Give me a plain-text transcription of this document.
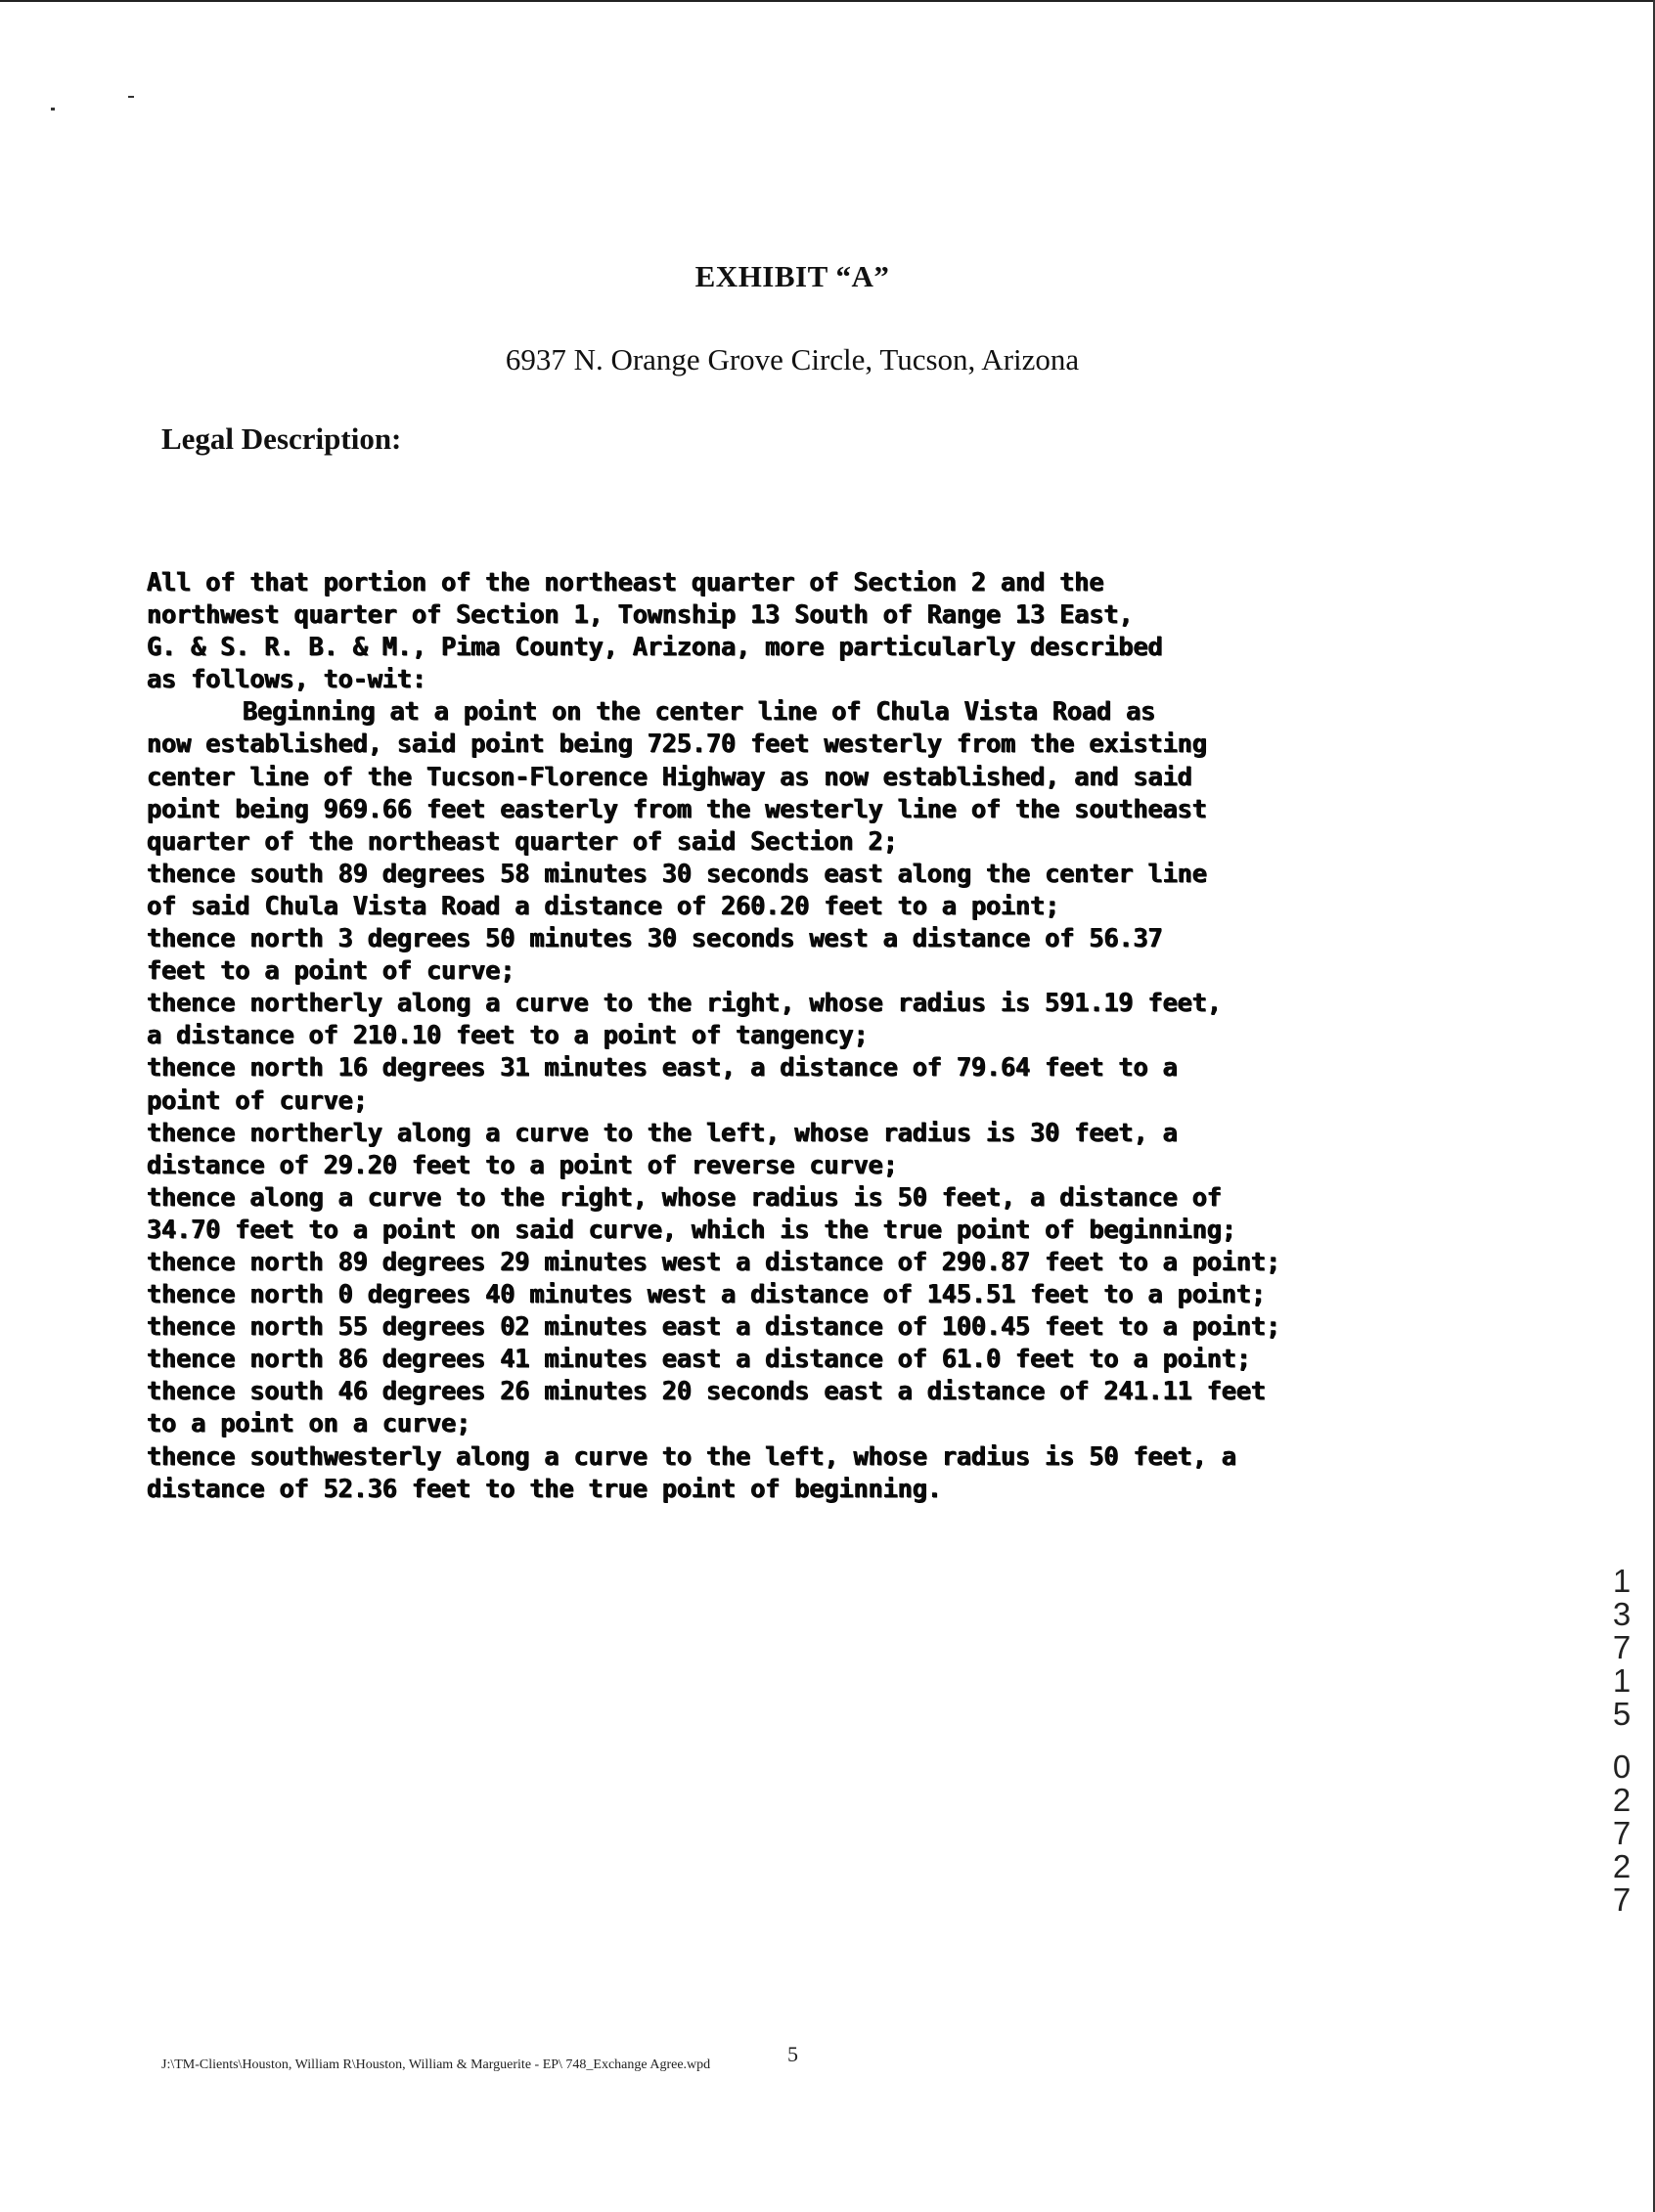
EXHIBIT “A”
6937 N. Orange Grove Circle, Tucson, Arizona
Legal Description:
All of that portion of the northeast quarter of Section 2 and the
northwest quarter of Section 1, Township 13 South of Range 13 East,
G. & S. R. B. & M., Pima County, Arizona, more particularly described
as follows, to-wit:
Beginning at a point on the center line of Chula Vista Road as
now established, said point being 725.70 feet westerly from the existing
center line of the Tucson-Florence Highway as now established, and said
point being 969.66 feet easterly from the westerly line of the southeast
quarter of the northeast quarter of said Section 2;
thence south 89 degrees 58 minutes 30 seconds east along the center line
of said Chula Vista Road a distance of 260.20 feet to a point;
thence north 3 degrees 50 minutes 30 seconds west a distance of 56.37
feet to a point of curve;
thence northerly along a curve to the right, whose radius is 591.19 feet,
a distance of 210.10 feet to a point of tangency;
thence north 16 degrees 31 minutes east, a distance of 79.64 feet to a
point of curve;
thence northerly along a curve to the left, whose radius is 30 feet, a
distance of 29.20 feet to a point of reverse curve;
thence along a curve to the right, whose radius is 50 feet, a distance of
34.70 feet to a point on said curve, which is the true point of beginning;
thence north 89 degrees 29 minutes west a distance of 290.87 feet to a point;
thence north 0 degrees 40 minutes west a distance of 145.51 feet to a point;
thence north 55 degrees 02 minutes east a distance of 100.45 feet to a point;
thence north 86 degrees 41 minutes east a distance of 61.0 feet to a point;
thence south 46 degrees 26 minutes 20 seconds east a distance of 241.11 feet
to a point on a curve;
thence southwesterly along a curve to the left, whose radius is 50 feet, a
distance of 52.36 feet to the true point of beginning.
1
3
7
1
5
0
2
7
2
7
5
J:\TM-Clients\Houston, William R\Houston, William & Marguerite - EP\ 748_Exchange Agree.wpd
